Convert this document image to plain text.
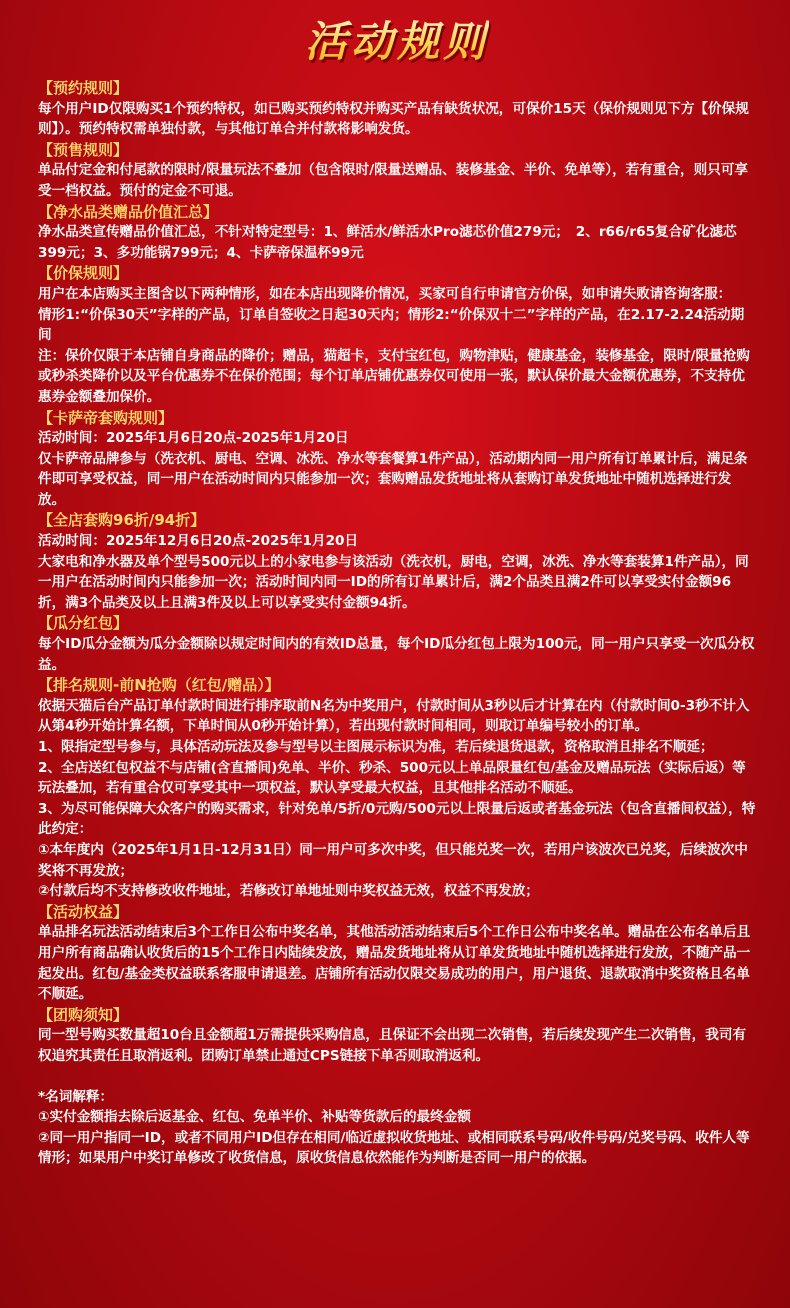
活动规则
【预约规则】

每个用户ID仅限购买1个预约特权，如已购买预约特权并购买产品有缺货状况，可保价15天（保价规则见下方【价保规则】）。预约特权需单独付款，与其他订单合并付款将影响发货。

【预售规则】

单品付定金和付尾款的限时/限量玩法不叠加（包含限时/限量送赠品、装修基金、半价、免单等），若有重合，则只可享受一档权益。预付的定金不可退。

【净水品类赠品价值汇总】

净水品类宣传赠品价值汇总，不针对特定型号：1、鲜活水/鲜活水Pro滤芯价值279元；　2、r66/r65复合矿化滤芯399元；3、多功能锅799元；4、卡萨帝保温杯99元

【价保规则】

用户在本店购买主图含以下两种情形，如在本店出现降价情况，买家可自行申请官方价保，如申请失败请咨询客服：

情形1:“价保30天”字样的产品，订单自签收之日起30天内；情形2:“价保双十二”字样的产品，在2.17-2.24活动期间

注：保价仅限于本店铺自身商品的降价；赠品，猫超卡，支付宝红包，购物津贴，健康基金，装修基金，限时/限量抢购或秒杀类降价以及平台优惠券不在保价范围；每个订单店铺优惠券仅可使用一张，默认保价最大金额优惠券，不支持优惠券金额叠加保价。

【卡萨帝套购规则】

活动时间：2025年1月6日20点-2025年1月20日

仅卡萨帝品牌参与（洗衣机、厨电、空调、冰洗、净水等套餐算1件产品），活动期内同一用户所有订单累计后，满足条件即可享受权益，同一用户在活动时间内只能参加一次；套购赠品发货地址将从套购订单发货地址中随机选择进行发放。

【全店套购96折/94折】

活动时间：2025年12月6日20点-2025年1月20日

大家电和净水器及单个型号500元以上的小家电参与该活动（洗衣机，厨电，空调，冰洗、净水等套装算1件产品），同一用户在活动时间内只能参加一次；活动时间内同一ID的所有订单累计后，满2个品类且满2件可以享受实付金额96折，满3个品类及以上且满3件及以上可以享受实付金额94折。

【瓜分红包】

每个ID瓜分金额为瓜分金额除以规定时间内的有效ID总量，每个ID瓜分红包上限为100元，同一用户只享受一次瓜分权益。

【排名规则-前N抢购（红包/赠品）】

依据天猫后台产品订单付款时间进行排序取前N名为中奖用户，付款时间从3秒以后才计算在内（付款时间0-3秒不计入　从第4秒开始计算名额，下单时间从0秒开始计算），若出现付款时间相同，则取订单编号较小的订单。

1、限指定型号参与，具体活动玩法及参与型号以主图展示标识为准，若后续退货退款，资格取消且排名不顺延；

2、全店送红包权益不与店铺(含直播间)免单、半价、秒杀、500元以上单品限量红包/基金及赠品玩法（实际后返）等玩法叠加，若有重合仅可享受其中一项权益，默认享受最大权益，且其他排名活动不顺延。

3、为尽可能保障大众客户的购买需求，针对免单/5折/0元购/500元以上限量后返或者基金玩法（包含直播间权益），特此约定：

①本年度内（2025年1月1日-12月31日）同一用户可多次中奖，但只能兑奖一次，若用户该波次已兑奖，后续波次中奖将不再发放；

②付款后均不支持修改收件地址，若修改订单地址则中奖权益无效，权益不再发放；

【活动权益】

单品排名玩法活动结束后3个工作日公布中奖名单，其他活动活动结束后5个工作日公布中奖名单。赠品在公布名单后且用户所有商品确认收货后的15个工作日内陆续发放，赠品发货地址将从订单发货地址中随机选择进行发放，不随产品一起发出。红包/基金类权益联系客服申请退差。店铺所有活动仅限交易成功的用户，用户退货、退款取消中奖资格且名单不顺延。

【团购须知】

同一型号购买数量超10台且金额超1万需提供采购信息，且保证不会出现二次销售，若后续发现产生二次销售，我司有权追究其责任且取消返利。团购订单禁止通过CPS链接下单否则取消返利。

*名词解释：

①实付金额指去除后返基金、红包、免单半价、补贴等货款后的最终金额

②同一用户指同一ID，或者不同用户ID但存在相同/临近虚拟收货地址、或相同联系号码/收件号码/兑奖号码、收件人等情形；如果用户中奖订单修改了收货信息，原收货信息依然能作为判断是否同一用户的依据。
